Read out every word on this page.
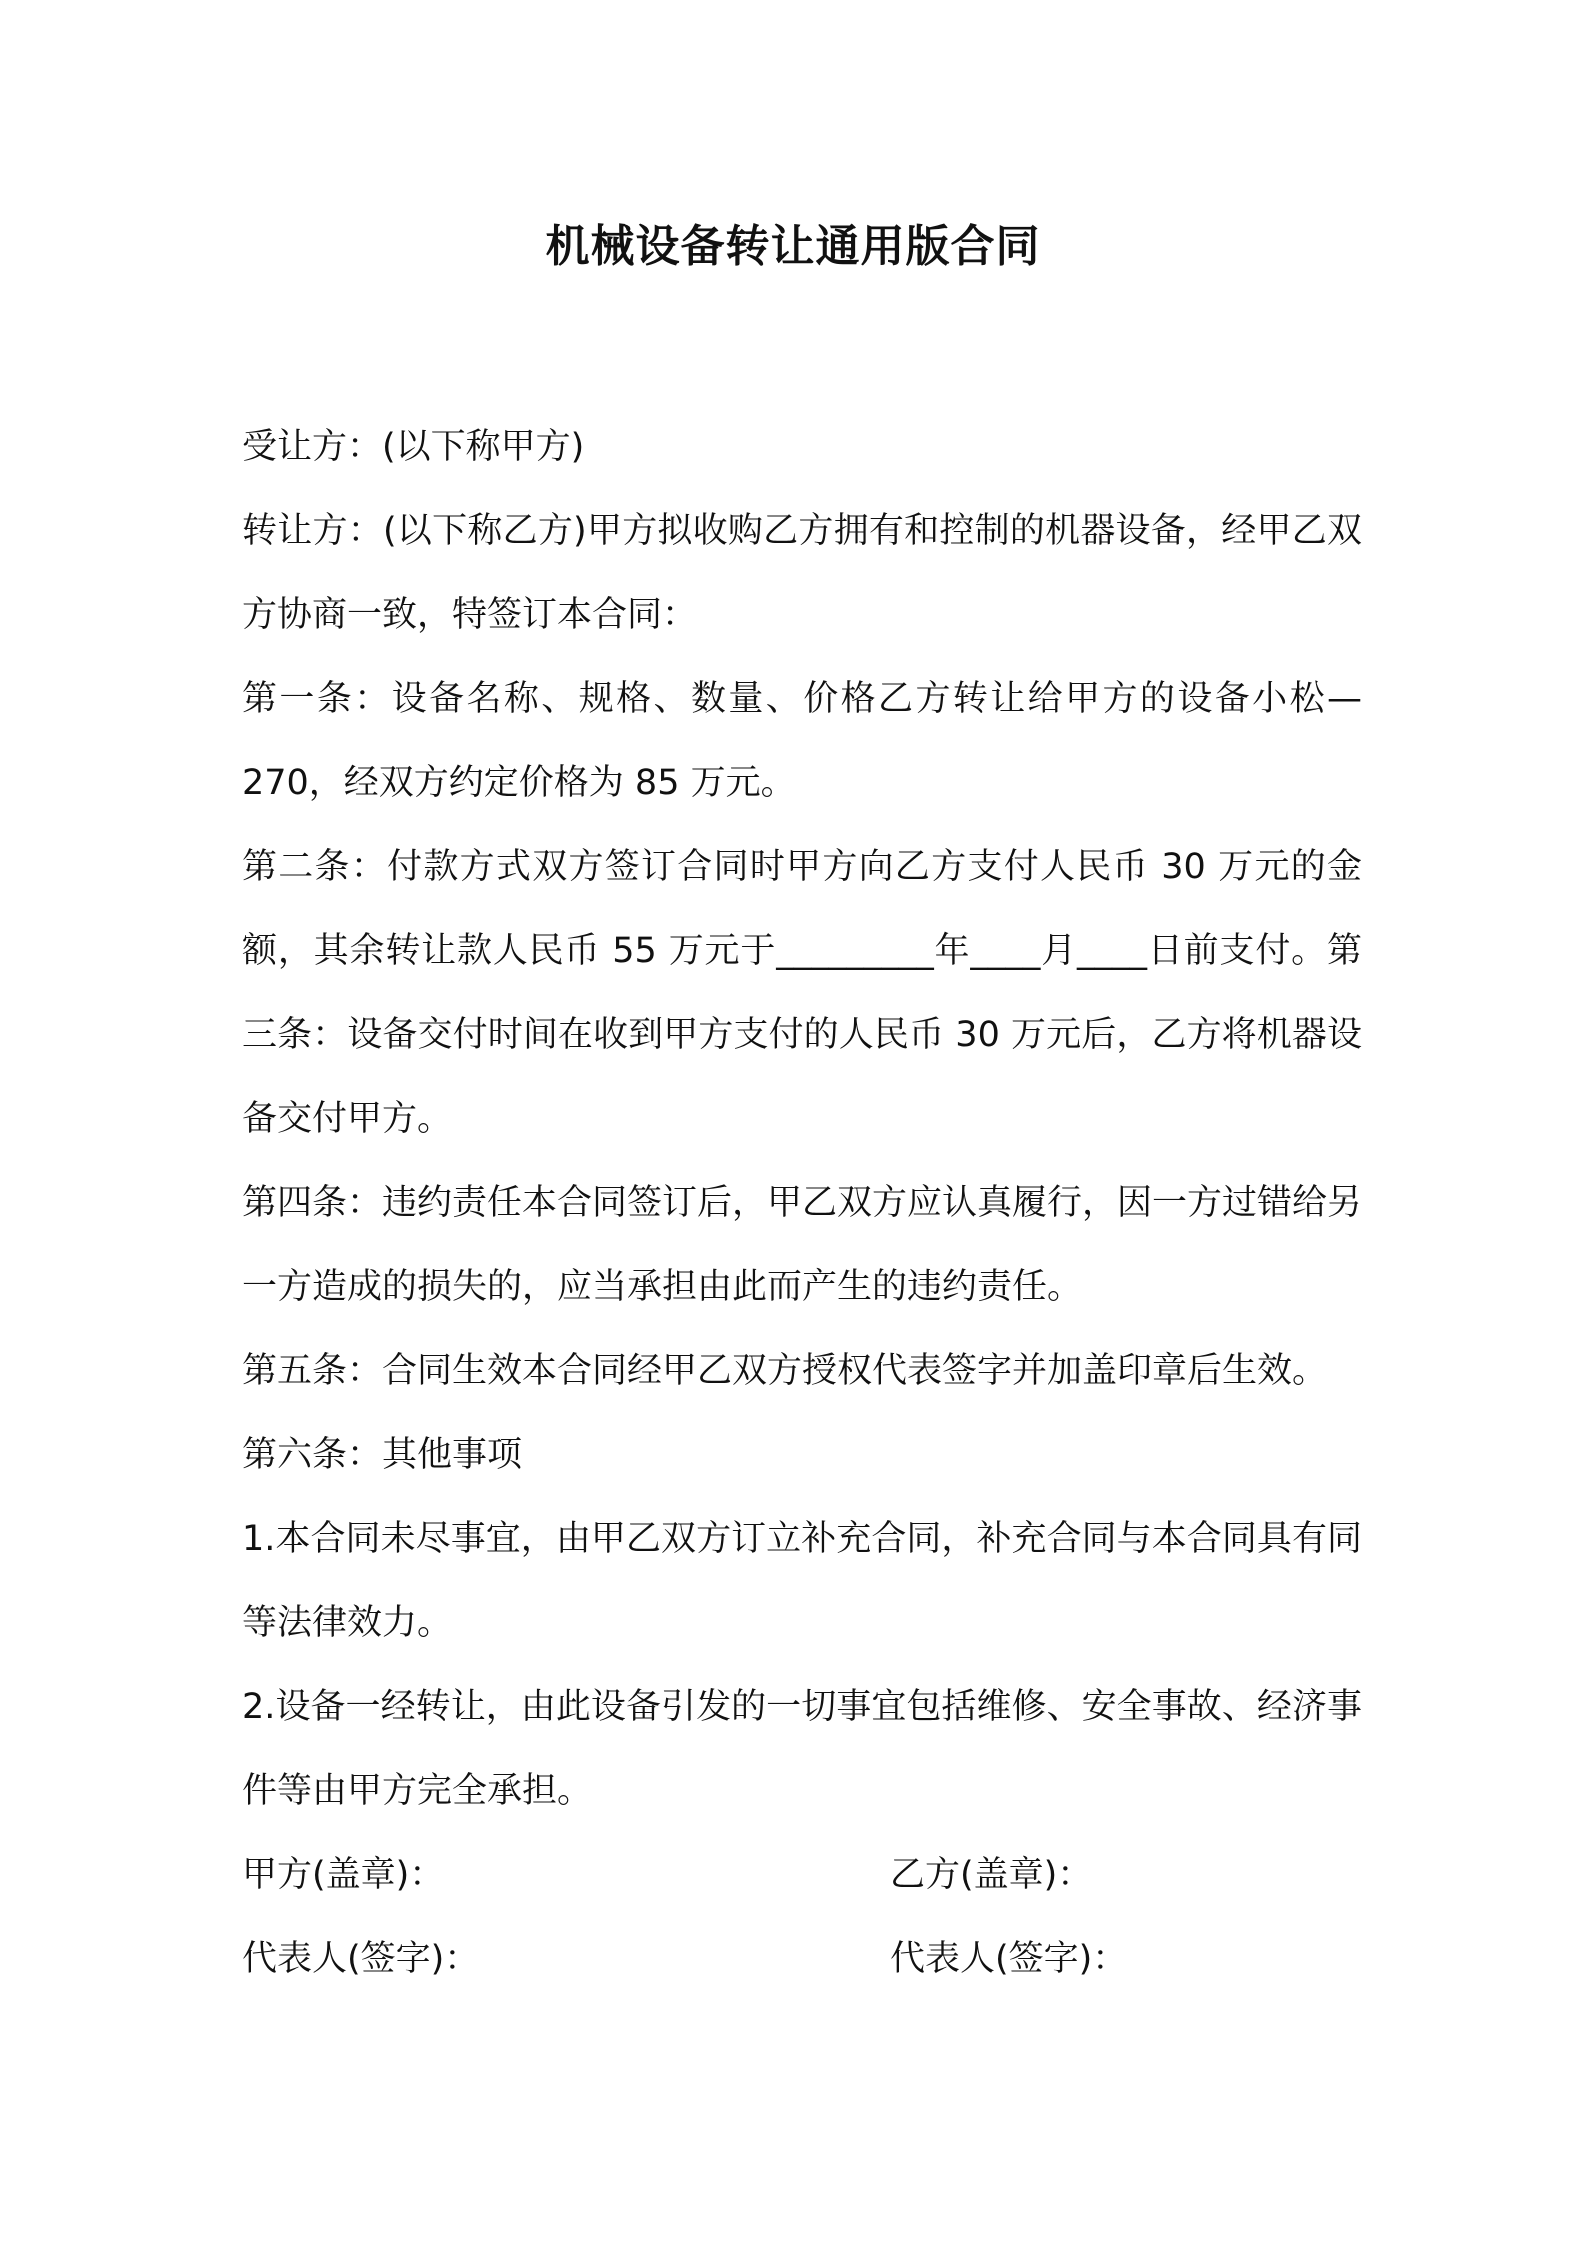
机械设备转让通用版合同

受让方：(以下称甲方)

转让方：(以下称乙方)甲方拟收购乙方拥有和控制的机器设备，经甲乙双方协商一致，特签订本合同：

第一条：设备名称、规格、数量、价格乙方转让给甲方的设备小松—270，经双方约定价格为 85 万元。

第二条：付款方式双方签订合同时甲方向乙方支付人民币 30 万元的金额，其余转让款人民币 55 万元于_________年____月____日前支付。第三条：设备交付时间在收到甲方支付的人民币 30 万元后，乙方将机器设备交付甲方。

第四条：违约责任本合同签订后，甲乙双方应认真履行，因一方过错给另一方造成的损失的，应当承担由此而产生的违约责任。

第五条：合同生效本合同经甲乙双方授权代表签字并加盖印章后生效。

第六条：其他事项

1.本合同未尽事宜，由甲乙双方订立补充合同，补充合同与本合同具有同等法律效力。

2.设备一经转让，由此设备引发的一切事宜包括维修、安全事故、经济事件等由甲方完全承担。

甲方(盖章)：	乙方(盖章)：
代表人(签字)：	代表人(签字)：
